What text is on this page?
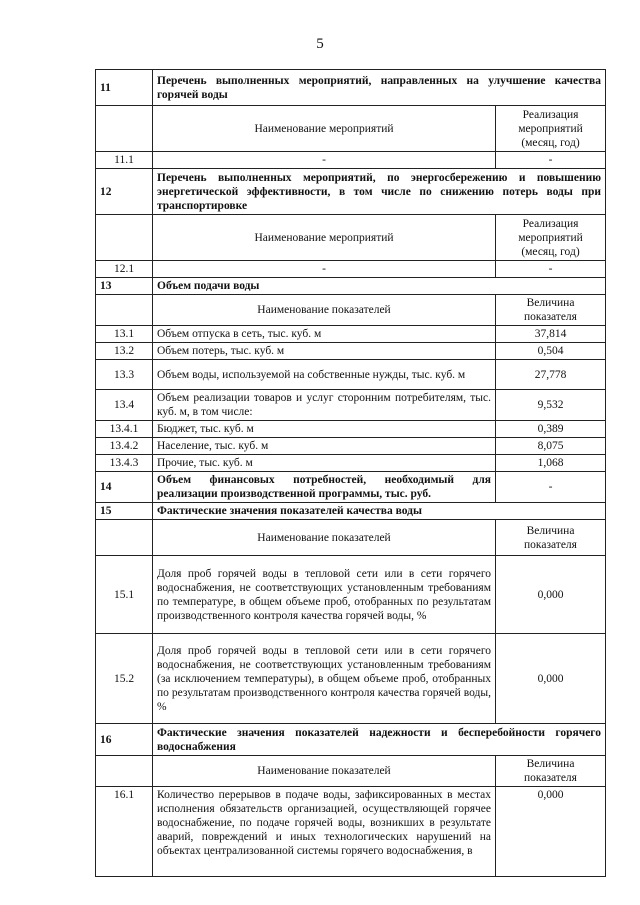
5
11	Перечень выполненных мероприятий, направленных на улучшение качества горячей воды	
	Наименование мероприятий	Реализация мероприятий (месяц, год)
11.1	-	-
12	Перечень выполненных мероприятий, по энергосбережению и повышению энергетической эффективности, в том числе по снижению потерь воды при транспортировке	
	Наименование мероприятий	Реализация мероприятий (месяц, год)
12.1	-	-
13	Объем подачи воды	
	Наименование показателей	Величина показателя
13.1	Объем отпуска в сеть, тыс. куб. м	37,814
13.2	Объем потерь, тыс. куб. м	0,504
13.3	Объем воды, используемой на собственные нужды, тыс. куб. м	27,778
13.4	Объем реализации товаров и услуг сторонним потребителям, тыс. куб. м, в том числе:	9,532
13.4.1	Бюджет, тыс. куб. м	0,389
13.4.2	Население, тыс. куб. м	8,075
13.4.3	Прочие, тыс. куб. м	1,068
14	Объем финансовых потребностей, необходимый для реализации производственной программы, тыс. руб.	-
15	Фактические значения показателей качества воды	
	Наименование показателей	Величина показателя
15.1	Доля проб горячей воды в тепловой сети или в сети горячего водоснабжения, не соответствующих установленным требованиям по температуре, в общем объеме проб, отобранных по результатам производственного контроля качества горячей воды, %	0,000
15.2	Доля проб горячей воды в тепловой сети или в сети горячего водоснабжения, не соответствующих установленным требованиям (за исключением температуры), в общем объеме проб, отобранных по результатам производственного контроля качества горячей воды, %	0,000
16	Фактические значения показателей надежности и бесперебойности горячего водоснабжения	
	Наименование показателей	Величина показателя
16.1	Количество перерывов в подаче воды, зафиксированных в местах исполнения обязательств организацией, осуществляющей горячее водоснабжение, по подаче горячей воды, возникших в результате аварий, повреждений и иных технологических нарушений на объектах централизованной системы горячего водоснабжения, в	0,000
